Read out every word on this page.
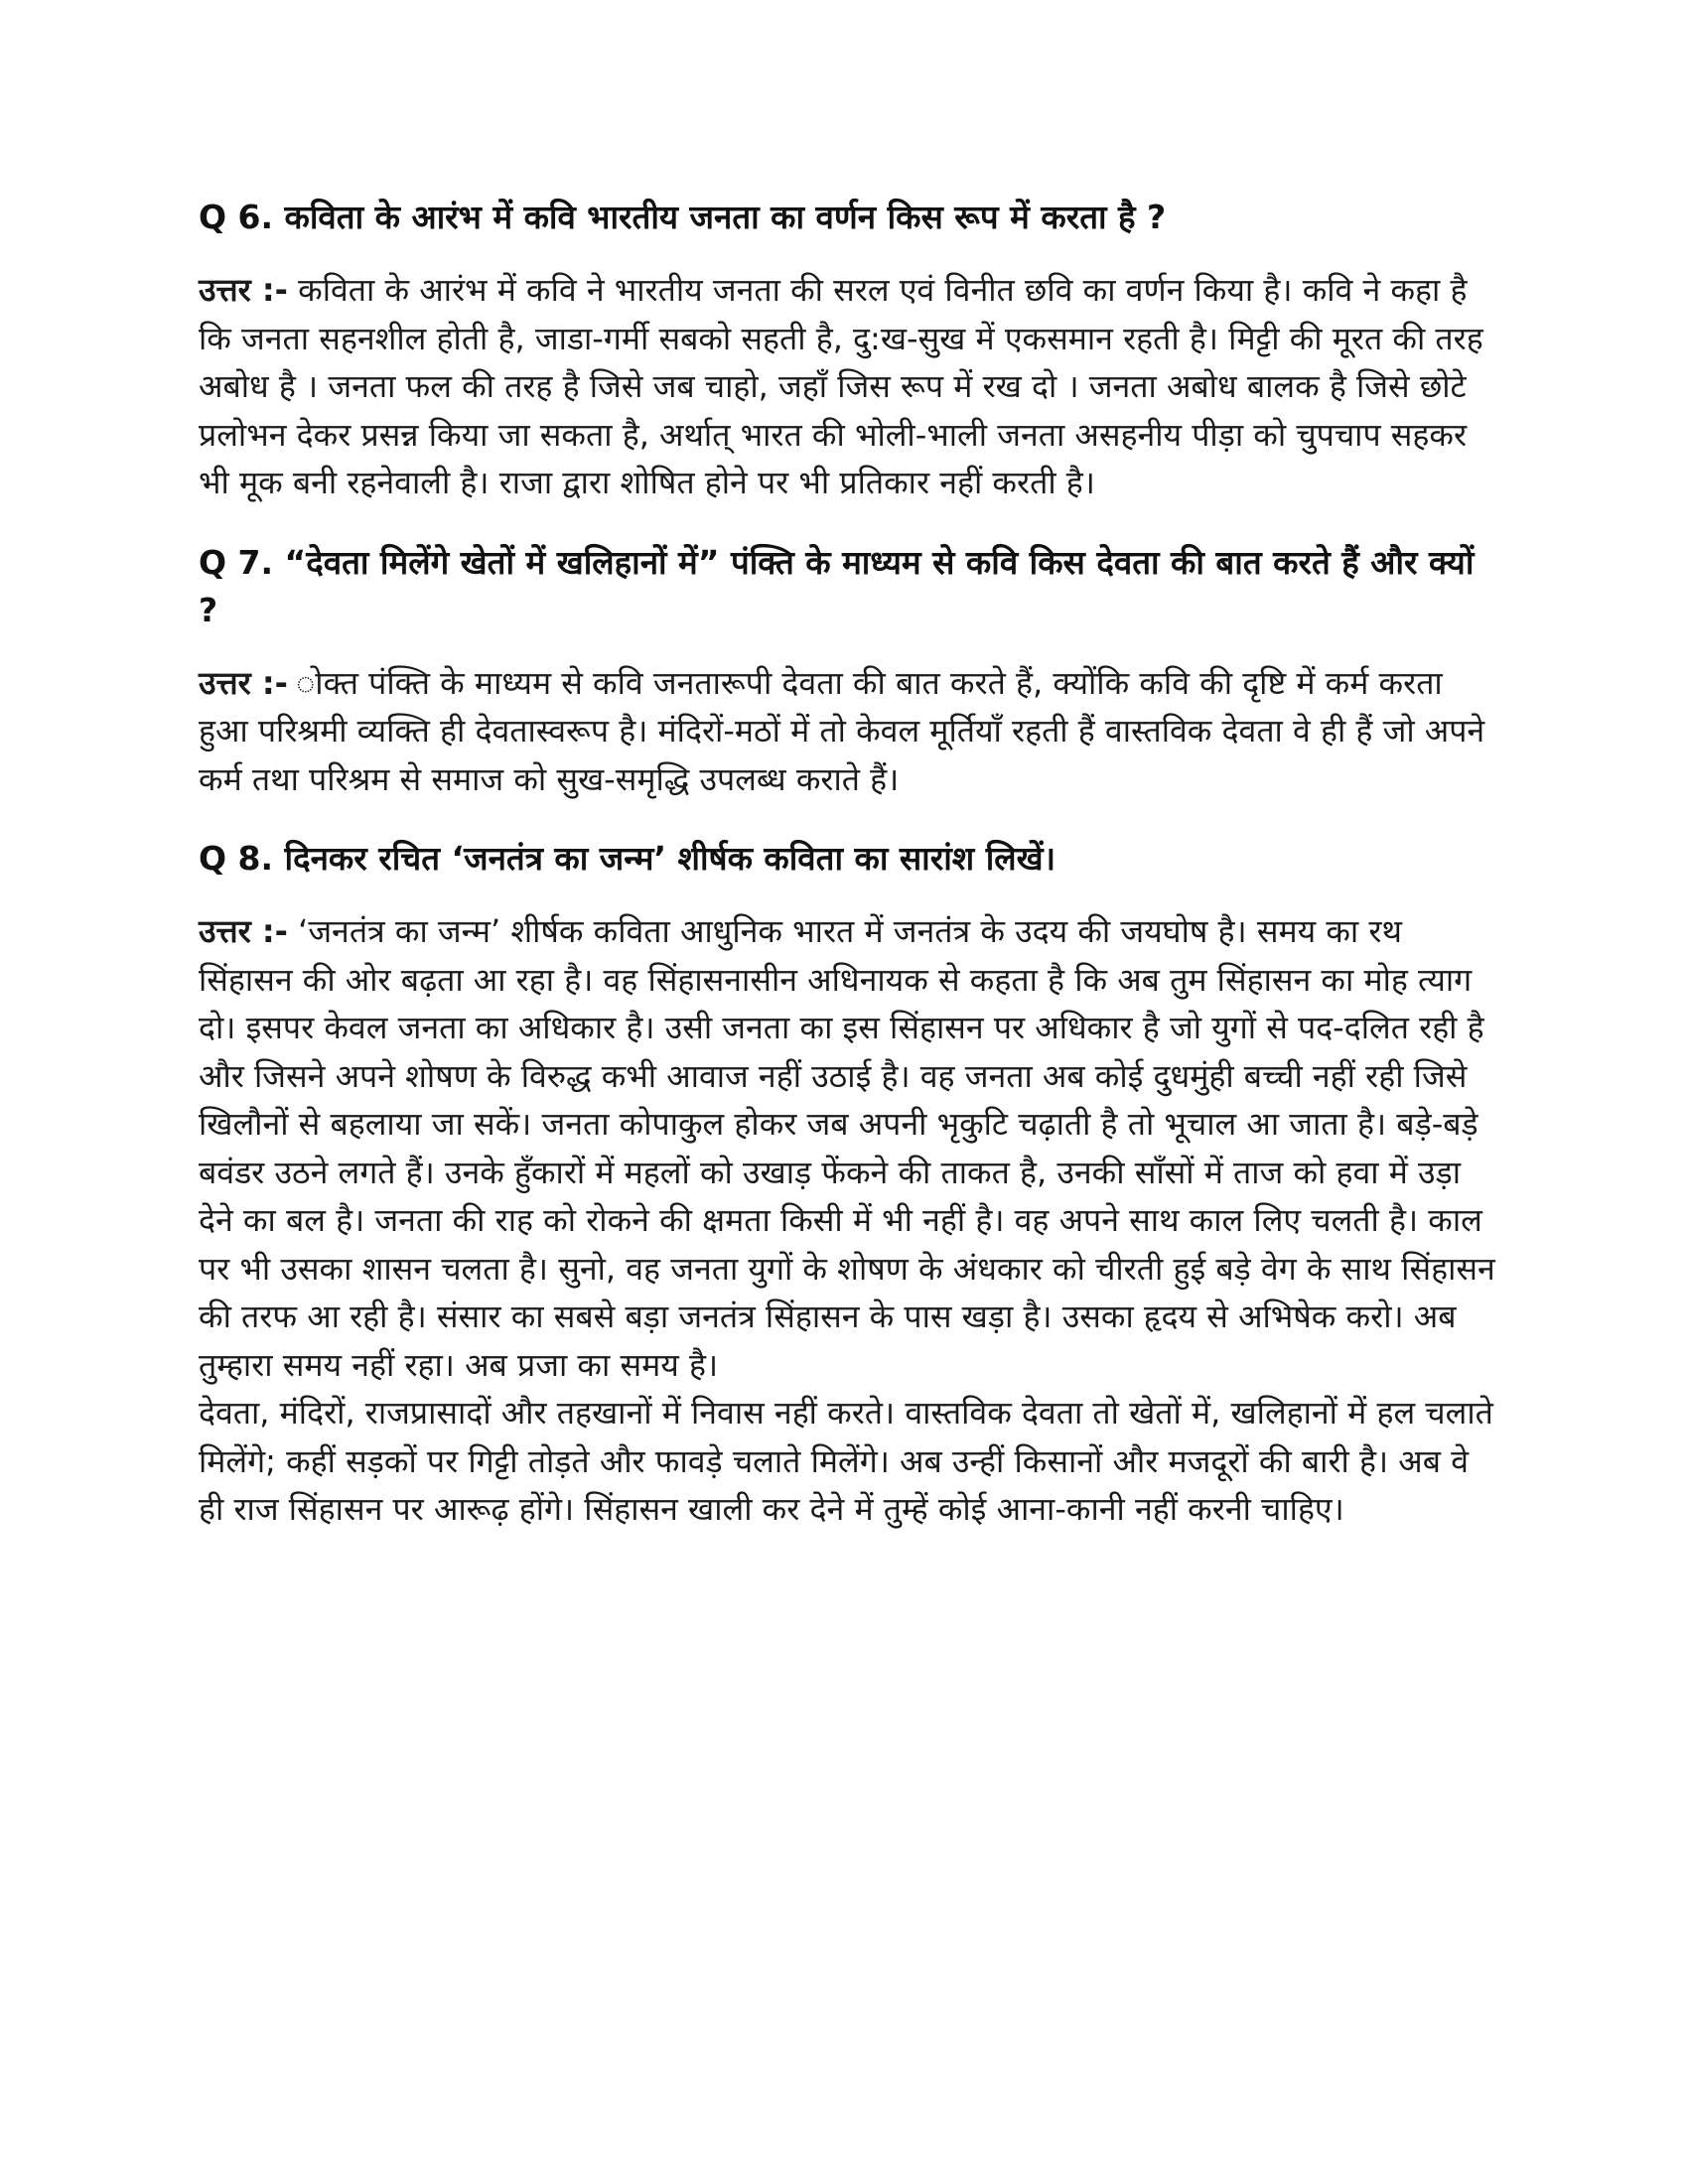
Q 6. कविता के आरंभ में कवि भारतीय जनता का वर्णन किस रूप में करता है ?
उत्तर :- कविता के आरंभ में कवि ने भारतीय जनता की सरल एवं विनीत छवि का वर्णन किया है। कवि ने कहा है कि जनता सहनशील होती है, जाडा-गर्मी सबको सहती है, दु:ख-सुख में एकसमान रहती है। मिट्टी की मूरत की तरह अबोध है । जनता फल की तरह है जिसे जब चाहो, जहाँ जिस रूप में रख दो । जनता अबोध बालक है जिसे छोटे प्रलोभन देकर प्रसन्न किया जा सकता है, अर्थात् भारत की भोली-भाली जनता असहनीय पीड़ा को चुपचाप सहकर भी मूक बनी रहनेवाली है। राजा द्वारा शोषित होने पर भी प्रतिकार नहीं करती है।
Q 7. “देवता मिलेंगे खेतों में खलिहानों में” पंक्ति के माध्यम से कवि किस देवता की बात करते हैं और क्यों ?
उत्तर :- ोक्त पंक्ति के माध्यम से कवि जनतारूपी देवता की बात करते हैं, क्योंकि कवि की दृष्टि में कर्म करता हुआ परिश्रमी व्यक्ति ही देवतास्वरूप है। मंदिरों-मठों में तो केवल मूर्तियाँ रहती हैं वास्तविक देवता वे ही हैं जो अपने कर्म तथा परिश्रम से समाज को सुख-समृद्धि उपलब्ध कराते हैं।
Q 8. दिनकर रचित ‘जनतंत्र का जन्म’ शीर्षक कविता का सारांश लिखें।
उत्तर :- ‘जनतंत्र का जन्म’ शीर्षक कविता आधुनिक भारत में जनतंत्र के उदय की जयघोष है। समय का रथ सिंहासन की ओर बढ़ता आ रहा है। वह सिंहासनासीन अधिनायक से कहता है कि अब तुम सिंहासन का मोह त्याग दो। इसपर केवल जनता का अधिकार है। उसी जनता का इस सिंहासन पर अधिकार है जो युगों से पद-दलित रही है और जिसने अपने शोषण के विरुद्ध कभी आवाज नहीं उठाई है। वह जनता अब कोई दुधमुंही बच्ची नहीं रही जिसे खिलौनों से बहलाया जा सकें। जनता कोपाकुल होकर जब अपनी भृकुटि चढ़ाती है तो भूचाल आ जाता है। बड़े-बड़े बवंडर उठने लगते हैं। उनके हुँकारों में महलों को उखाड़ फेंकने की ताकत है, उनकी साँसों में ताज को हवा में उड़ा देने का बल है। जनता की राह को रोकने की क्षमता किसी में भी नहीं है। वह अपने साथ काल लिए चलती है। काल पर भी उसका शासन चलता है। सुनो, वह जनता युगों के शोषण के अंधकार को चीरती हुई बड़े वेग के साथ सिंहासन की तरफ आ रही है। संसार का सबसे बड़ा जनतंत्र सिंहासन के पास खड़ा है। उसका हृदय से अभिषेक करो। अब तुम्हारा समय नहीं रहा। अब प्रजा का समय है।
देवता, मंदिरों, राजप्रासादों और तहखानों में निवास नहीं करते। वास्तविक देवता तो खेतों में, खलिहानों में हल चलाते मिलेंगे; कहीं सड़कों पर गिट्टी तोड़ते और फावड़े चलाते मिलेंगे। अब उन्हीं किसानों और मजदूरों की बारी है। अब वे ही राज सिंहासन पर आरूढ़ होंगे। सिंहासन खाली कर देने में तुम्हें कोई आना-कानी नहीं करनी चाहिए।
